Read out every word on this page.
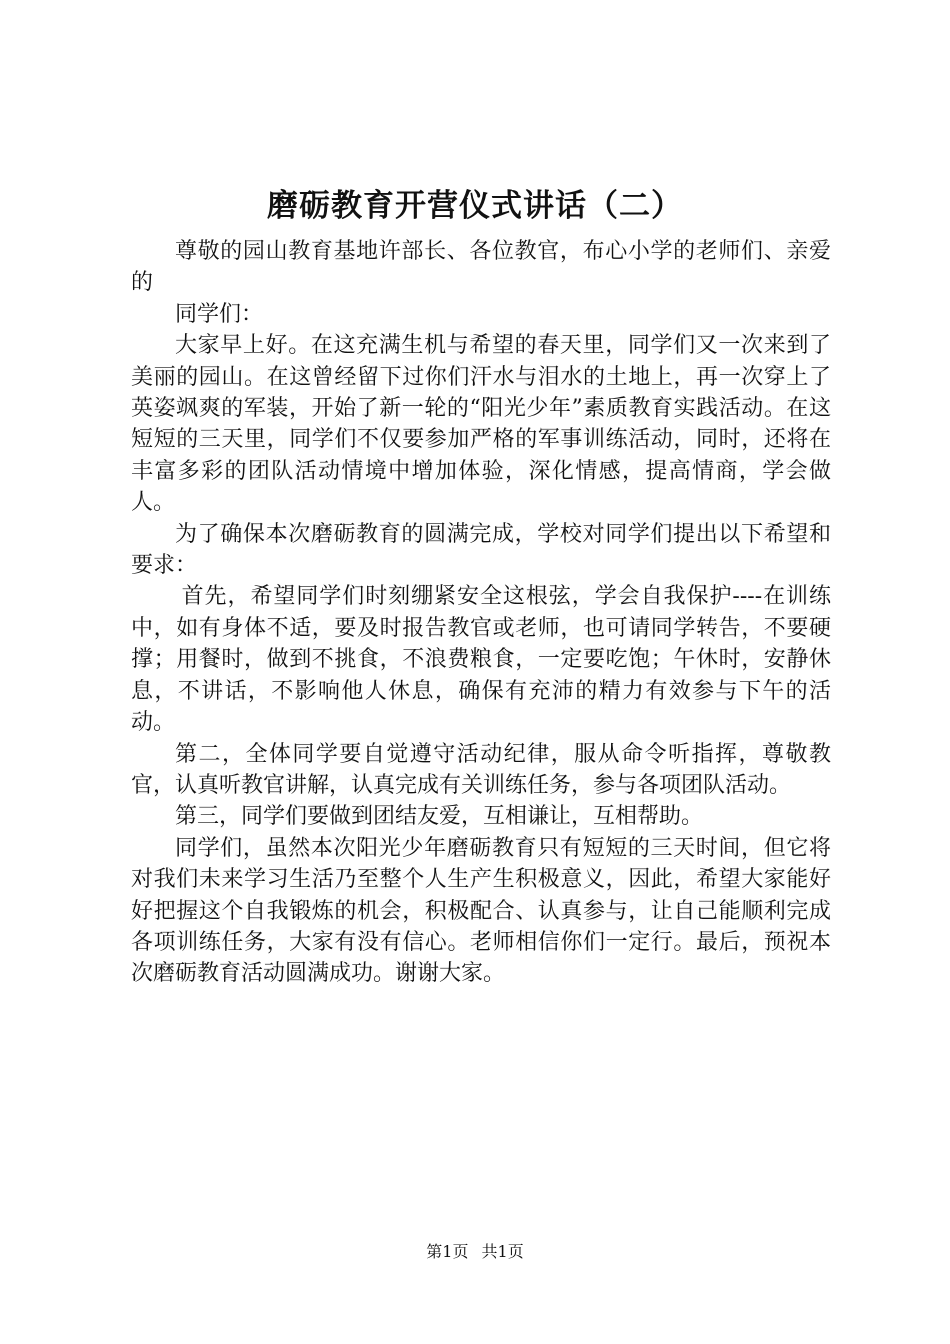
磨砺教育开营仪式讲话（二）

尊敬的园山教育基地许部长、各位教官，布心小学的老师们、亲爱的

同学们：

大家早上好。在这充满生机与希望的春天里，同学们又一次来到了美丽的园山。在这曾经留下过你们汗水与泪水的土地上，再一次穿上了英姿飒爽的军装，开始了新一轮的“阳光少年”素质教育实践活动。在这短短的三天里，同学们不仅要参加严格的军事训练活动，同时，还将在丰富多彩的团队活动情境中增加体验，深化情感，提高情商，学会做人。

为了确保本次磨砺教育的圆满完成，学校对同学们提出以下希望和要求：

首先，希望同学们时刻绷紧安全这根弦，学会自我保护----在训练中，如有身体不适，要及时报告教官或老师，也可请同学转告，不要硬撑；用餐时，做到不挑食，不浪费粮食，一定要吃饱；午休时，安静休息，不讲话，不影响他人休息，确保有充沛的精力有效参与下午的活动。

第二，全体同学要自觉遵守活动纪律，服从命令听指挥，尊敬教官，认真听教官讲解，认真完成有关训练任务，参与各项团队活动。

第三，同学们要做到团结友爱，互相谦让，互相帮助。

同学们，虽然本次阳光少年磨砺教育只有短短的三天时间，但它将对我们未来学习生活乃至整个人生产生积极意义，因此，希望大家能好好把握这个自我锻炼的机会，积极配合、认真参与，让自己能顺利完成各项训练任务，大家有没有信心。老师相信你们一定行。最后，预祝本次磨砺教育活动圆满成功。谢谢大家。

第1页 共1页
